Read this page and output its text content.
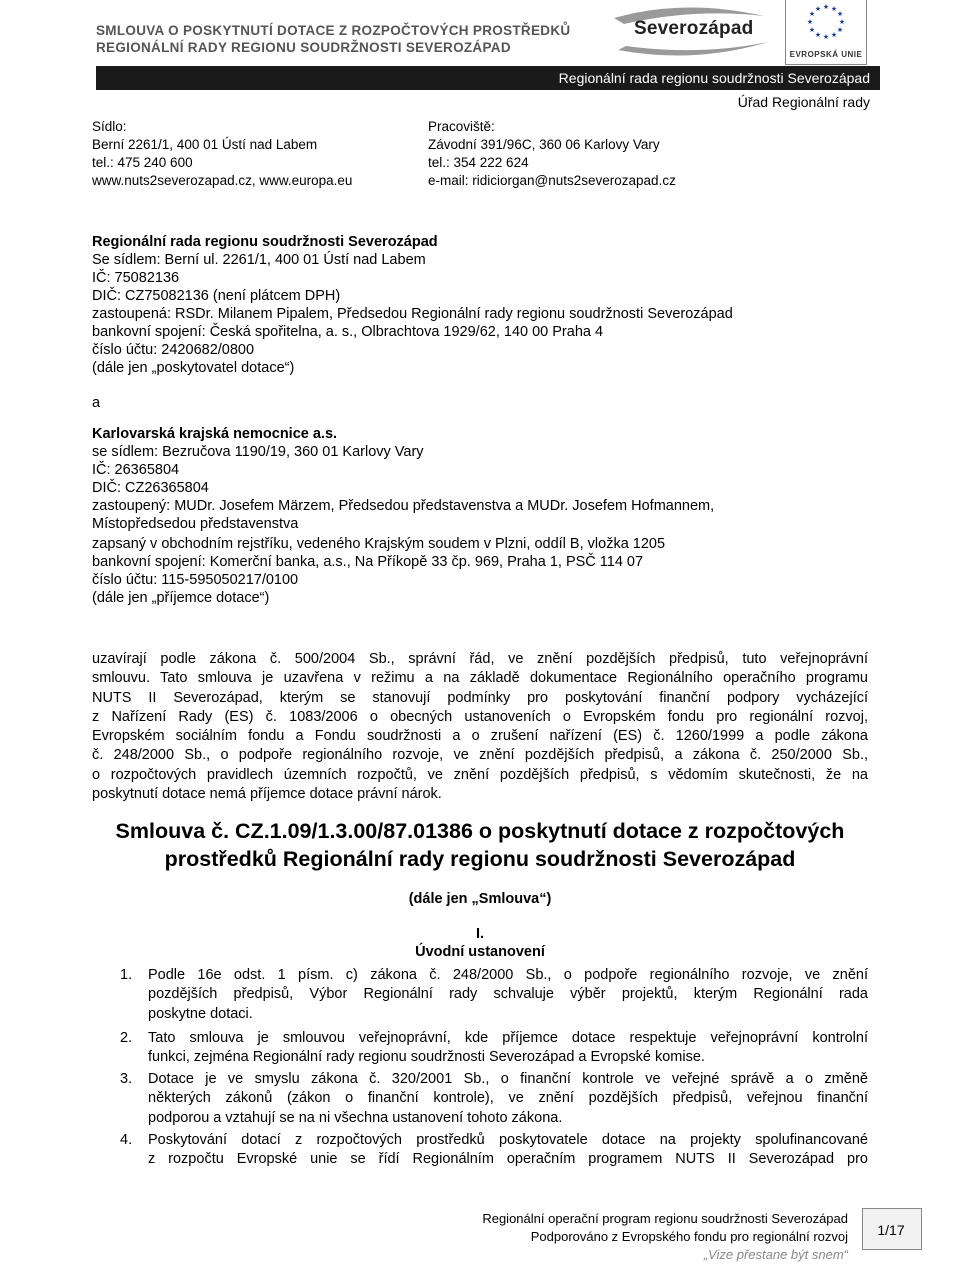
SMLOUVA O POSKYTNUTÍ DOTACE Z ROZPOČTOVÝCH PROSTŘEDKŮ
REGIONÁLNÍ RADY REGIONU SOUDRŽNOSTI SEVEROZÁPAD
Severozápad
★ ★
★
★
★
★
★
★
★
★
★
★
EVROPSKÁ UNIE
Regionální rada regionu soudržnosti Severozápad
Úřad Regionální rady
Sídlo:
Berní 2261/1, 400 01 Ústí nad Labem
tel.: 475 240 600
www.nuts2severozapad.cz, www.europa.eu
Pracoviště:
Závodní 391/96C, 360 06 Karlovy Vary
tel.: 354 222 624
e-mail: ridiciorgan@nuts2severozapad.cz
Regionální rada regionu soudržnosti Severozápad
Se sídlem: Berní ul. 2261/1, 400 01 Ústí nad Labem
IČ: 75082136
DIČ: CZ75082136 (není plátcem DPH)
zastoupená: RSDr. Milanem Pipalem, Předsedou Regionální rady regionu soudržnosti Severozápad
bankovní spojení: Česká spořitelna, a. s., Olbrachtova 1929/62, 140 00 Praha 4
číslo účtu: 2420682/0800
(dále jen „poskytovatel dotace“)
a
Karlovarská krajská nemocnice a.s.
se sídlem: Bezručova 1190/19, 360 01 Karlovy Vary
IČ: 26365804
DIČ: CZ26365804
zastoupený: MUDr. Josefem Märzem, Předsedou představenstva a MUDr. Josefem Hofmannem,
Místopředsedou představenstva
zapsaný v obchodním rejstříku, vedeného Krajským soudem v Plzni, oddíl B, vložka 1205
bankovní spojení: Komerční banka, a.s., Na Příkopě 33 čp. 969, Praha 1, PSČ 114 07
číslo účtu: 115-595050217/0100
(dále jen „příjemce dotace“)
uzavírají podle zákona č. 500/2004 Sb., správní řád, ve znění pozdějších předpisů, tuto veřejnoprávní
smlouvu. Tato smlouva je uzavřena v režimu a na základě dokumentace Regionálního operačního programu
NUTS II Severozápad, kterým se stanovují podmínky pro poskytování finanční podpory vycházející
z Nařízení Rady (ES) č. 1083/2006 o obecných ustanoveních o Evropském fondu pro regionální rozvoj,
Evropském sociálním fondu a Fondu soudržnosti a o zrušení nařízení (ES) č. 1260/1999 a podle zákona
č. 248/2000 Sb., o podpoře regionálního rozvoje, ve znění pozdějších předpisů, a zákona č. 250/2000 Sb.,
o rozpočtových pravidlech územních rozpočtů, ve znění pozdějších předpisů, s vědomím skutečnosti, že na
poskytnutí dotace nemá příjemce dotace právní nárok.
Smlouva č. CZ.1.09/1.3.00/87.01386 o poskytnutí dotace z rozpočtových
prostředků Regionální rady regionu soudržnosti Severozápad
(dále jen „Smlouva“)
I.
Úvodní ustanovení
1. Podle 16e odst. 1 písm. c) zákona č. 248/2000 Sb., o podpoře regionálního rozvoje, ve znění
pozdějších předpisů, Výbor Regionální rady schvaluje výběr projektů, kterým Regionální rada
poskytne dotaci.
2. Tato smlouva je smlouvou veřejnoprávní, kde příjemce dotace respektuje veřejnoprávní kontrolní
funkci, zejména Regionální rady regionu soudržnosti Severozápad a Evropské komise.
3. Dotace je ve smyslu zákona č. 320/2001 Sb., o finanční kontrole ve veřejné správě a o změně
některých zákonů (zákon o finanční kontrole), ve znění pozdějších předpisů, veřejnou finanční
podporou a vztahují se na ni všechna ustanovení tohoto zákona.
4. Poskytování dotací z rozpočtových prostředků poskytovatele dotace na projekty spolufinancované
z rozpočtu Evropské unie se řídí Regionálním operačním programem NUTS II Severozápad pro
Regionální operační program regionu soudržnosti Severozápad
Podporováno z Evropského fondu pro regionální rozvoj
„Vize přestane být snem“
1/17
